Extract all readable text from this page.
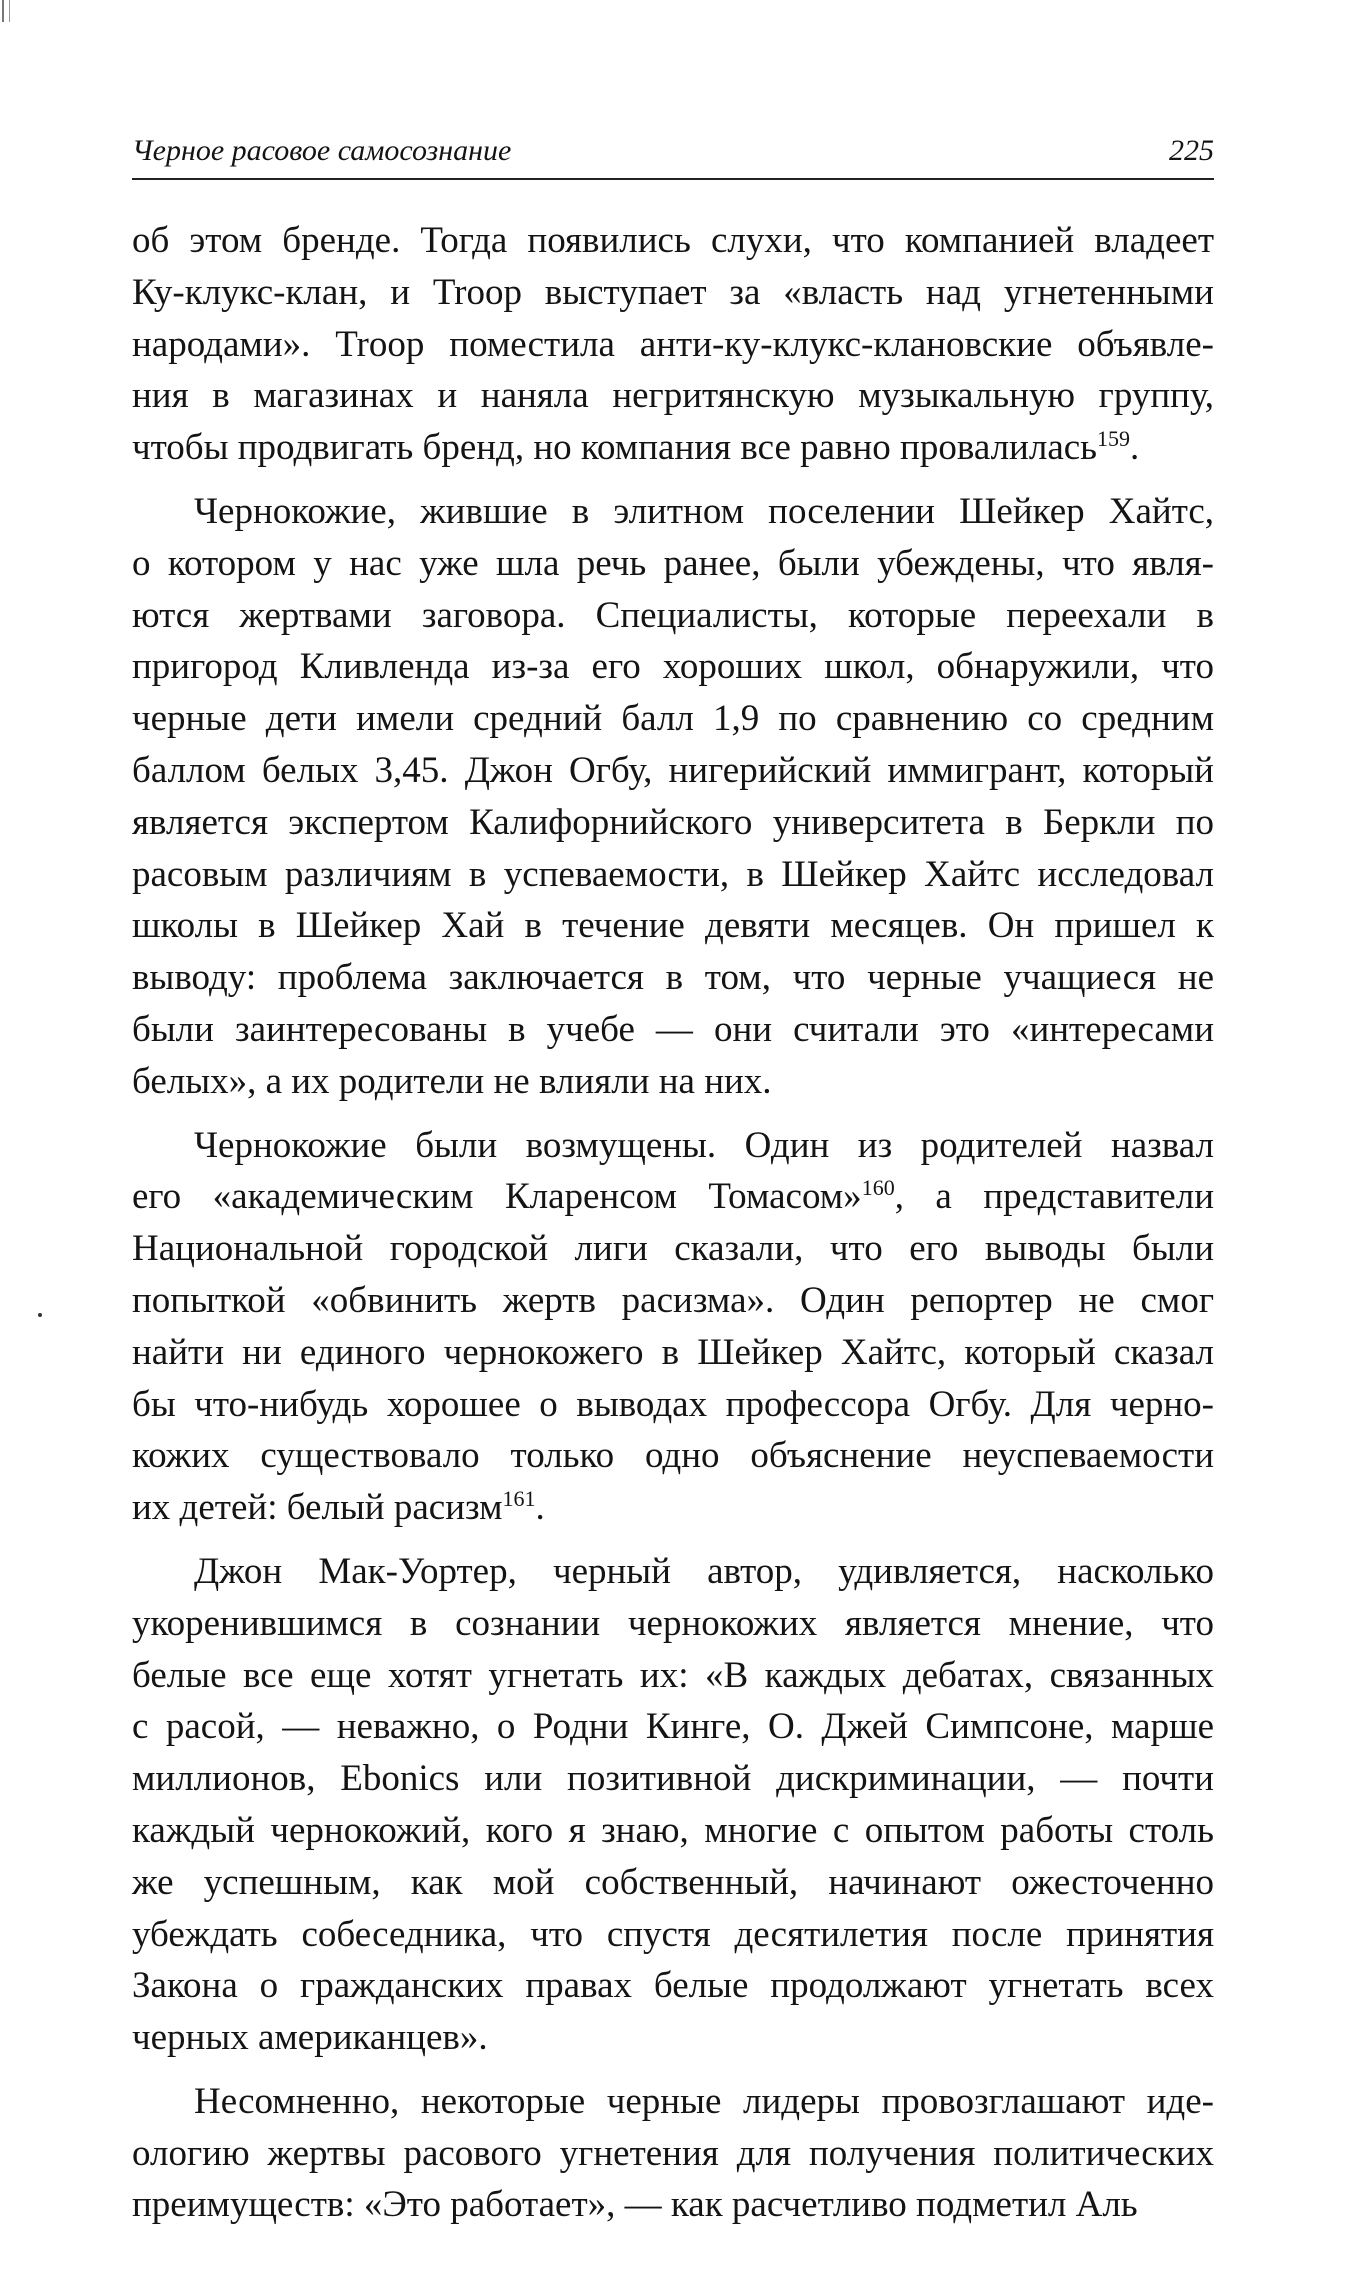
Черное расовое самосознание	225
об этом бренде. Тогда появились слухи, что компанией владеет
Ку-клукс-клан, и Troop выступает за «власть над угнетенными
народами». Troop поместила анти-ку-клукс-клановские объявле-
ния в магазинах и наняла негритянскую музыкальную группу,
чтобы продвигать бренд, но компания все равно провалилась$^{159}$.
Чернокожие, жившие в элитном поселении Шейкер Хайтс,
о котором у нас уже шла речь ранее, были убеждены, что явля-
ются жертвами заговора. Специалисты, которые переехали в
пригород Кливленда из-за его хороших школ, обнаружили, что
черные дети имели средний балл 1,9 по сравнению со средним
баллом белых 3,45. Джон Огбу, нигерийский иммигрант, который
является экспертом Калифорнийского университета в Беркли по
расовым различиям в успеваемости, в Шейкер Хайтс исследовал
школы в Шейкер Хай в течение девяти месяцев. Он пришел к
выводу: проблема заключается в том, что черные учащиеся не
были заинтересованы в учебе — они считали это «интересами
белых», а их родители не влияли на них.
Чернокожие были возмущены. Один из родителей назвал
его «академическим Кларенсом Томасом»$^{160}$, а представители
Национальной городской лиги сказали, что его выводы были
попыткой «обвинить жертв расизма». Один репортер не смог
найти ни единого чернокожего в Шейкер Хайтс, который сказал
бы что-нибудь хорошее о выводах профессора Огбу. Для черно-
кожих существовало только одно объяснение неуспеваемости
их детей: белый расизм$^{161}$.
Джон Мак-Уортер, черный автор, удивляется, насколько
укоренившимся в сознании чернокожих является мнение, что
белые все еще хотят угнетать их: «В каждых дебатах, связанных
с расой, — неважно, о Родни Кинге, О. Джей Симпсоне, марше
миллионов, Ebonics или позитивной дискриминации, — почти
каждый чернокожий, кого я знаю, многие с опытом работы столь
же успешным, как мой собственный, начинают ожесточенно
убеждать собеседника, что спустя десятилетия после принятия
Закона о гражданских правах белые продолжают угнетать всех
черных американцев».
Несомненно, некоторые черные лидеры провозглашают иде-
ологию жертвы расового угнетения для получения политических
преимуществ: «Это работает», — как расчетливо подметил Аль
